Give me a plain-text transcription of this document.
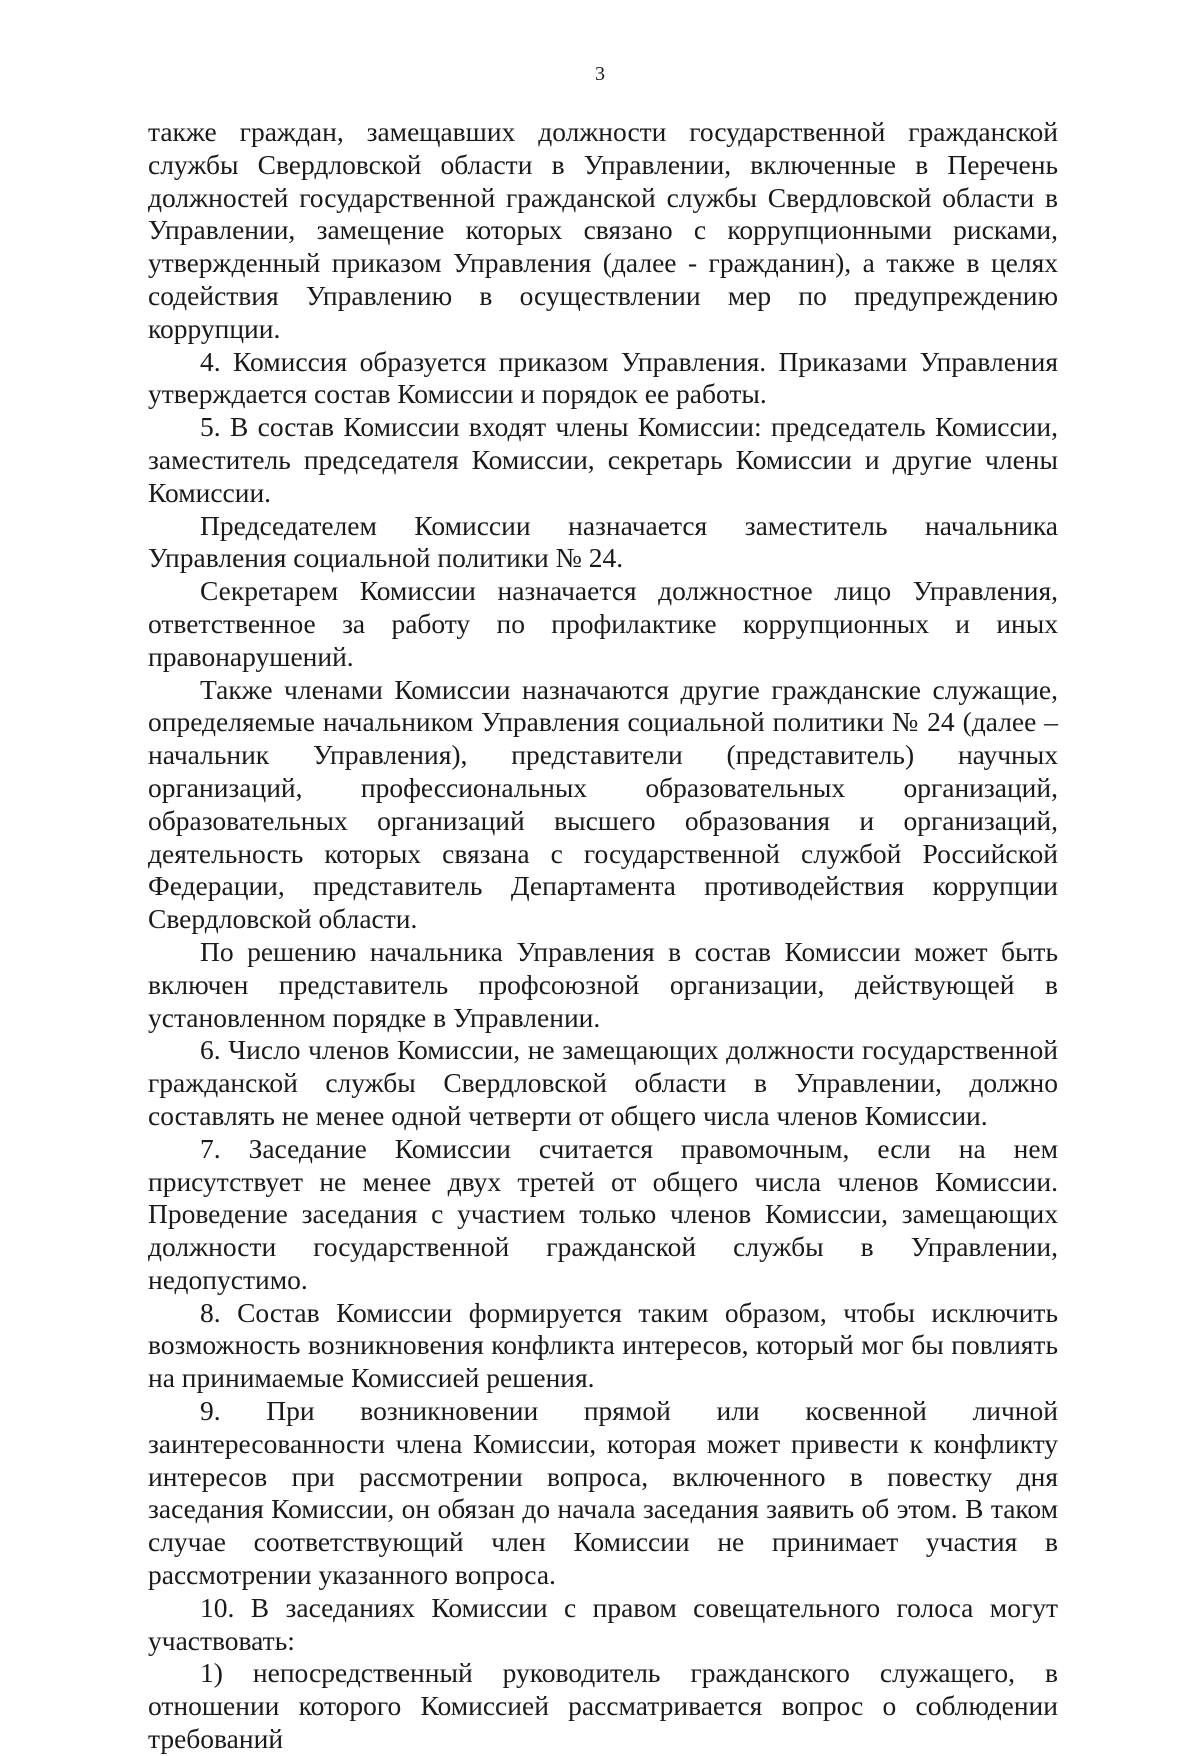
3

также граждан, замещавших должности государственной гражданской службы Свердловской области в Управлении, включенные в Перечень должностей государственной гражданской службы Свердловской области в Управлении, замещение которых связано с коррупционными рисками, утвержденный приказом Управления (далее - гражданин), а также в целях содействия Управлению в осуществлении мер по предупреждению коррупции.

4. Комиссия образуется приказом Управления. Приказами Управления утверждается состав Комиссии и порядок ее работы.

5. В состав Комиссии входят члены Комиссии: председатель Комиссии, заместитель председателя Комиссии, секретарь Комиссии и другие члены Комиссии.

Председателем Комиссии назначается заместитель начальника Управления социальной политики № 24.

Секретарем Комиссии назначается должностное лицо Управления, ответственное за работу по профилактике коррупционных и иных правонарушений.

Также членами Комиссии назначаются другие гражданские служащие, определяемые начальником Управления социальной политики № 24 (далее – начальник Управления), представители (представитель) научных организаций, профессиональных образовательных организаций, образовательных организаций высшего образования и организаций, деятельность которых связана с государственной службой Российской Федерации, представитель Департамента противодействия коррупции Свердловской области.

По решению начальника Управления в состав Комиссии может быть включен представитель профсоюзной организации, действующей в установленном порядке в Управлении.

6. Число членов Комиссии, не замещающих должности государственной гражданской службы Свердловской области в Управлении, должно составлять не менее одной четверти от общего числа членов Комиссии.

7. Заседание Комиссии считается правомочным, если на нем присутствует не менее двух третей от общего числа членов Комиссии. Проведение заседания с участием только членов Комиссии, замещающих должности государственной гражданской службы в Управлении, недопустимо.

8. Состав Комиссии формируется таким образом, чтобы исключить возможность возникновения конфликта интересов, который мог бы повлиять на принимаемые Комиссией решения.

9. При возникновении прямой или косвенной личной заинтересованности члена Комиссии, которая может привести к конфликту интересов при рассмотрении вопроса, включенного в повестку дня заседания Комиссии, он обязан до начала заседания заявить об этом. В таком случае соответствующий член Комиссии не принимает участия в рассмотрении указанного вопроса.

10. В заседаниях Комиссии с правом совещательного голоса могут участвовать:

1) непосредственный руководитель гражданского служащего, в отношении которого Комиссией рассматривается вопрос о соблюдении требований
